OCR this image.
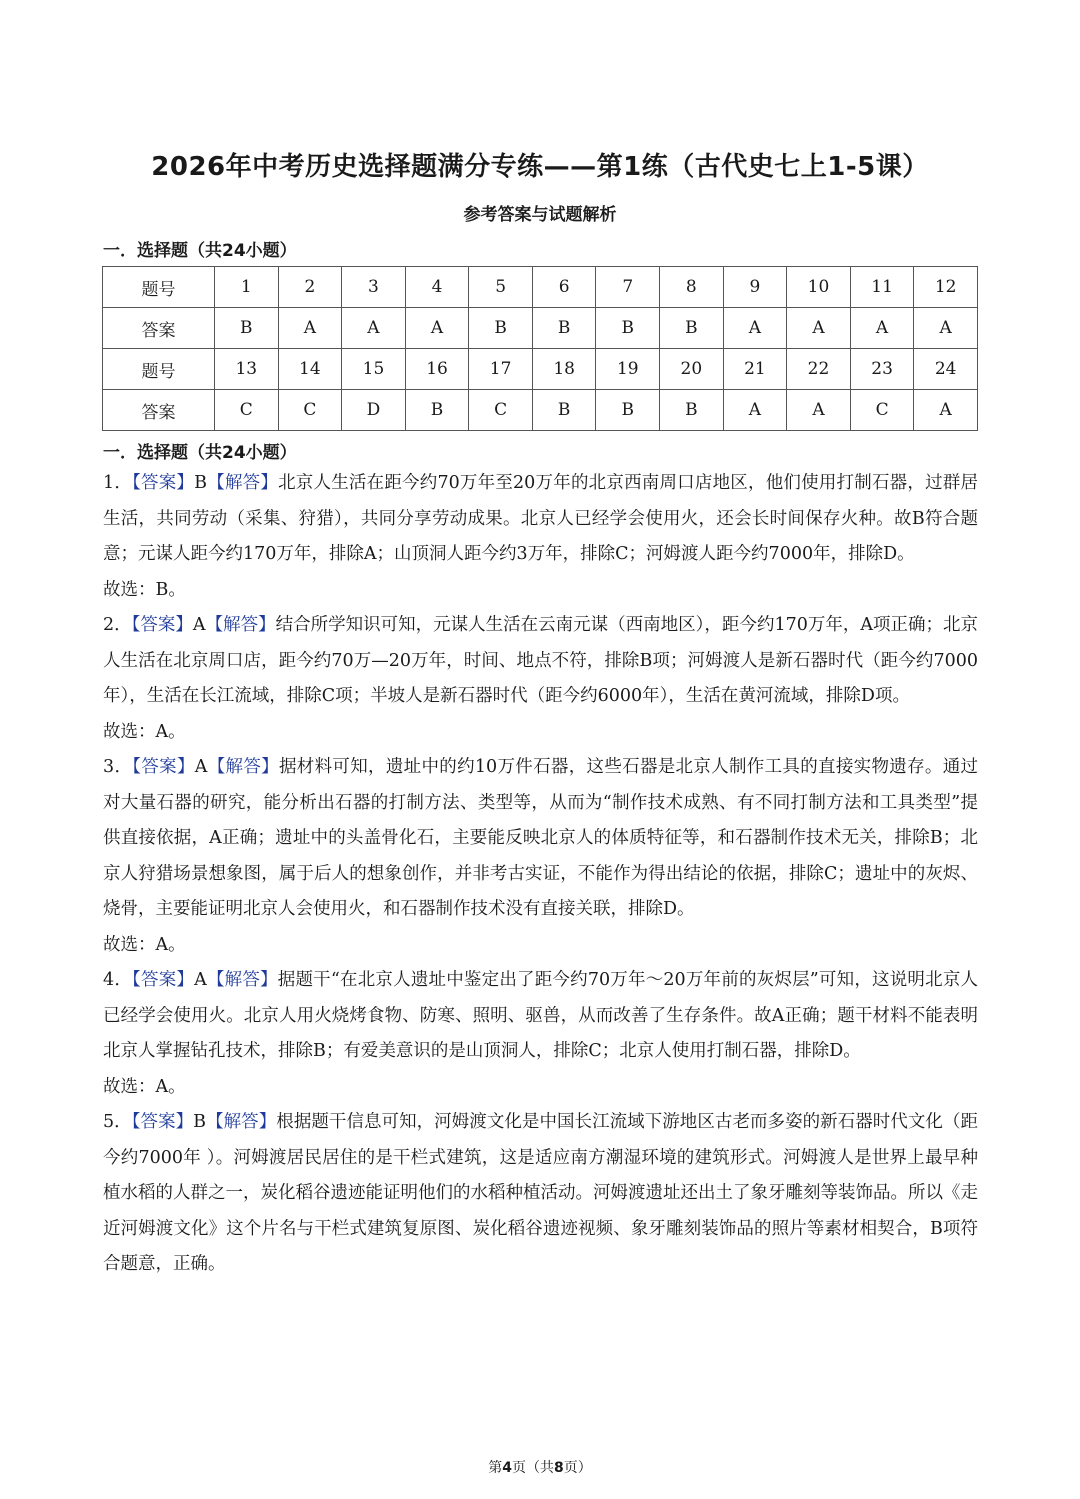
2026年中考历史选择题满分专练——第1练（古代史七上1-5课）
参考答案与试题解析
一．选择题（共24小题）
题号	1	2	3	4	5	6	7	8	9	10	11	12
答案	B	A	A	A	B	B	B	B	A	A	A	A
题号	13	14	15	16	17	18	19	20	21	22	23	24
答案	C	C	D	B	C	B	B	B	A	A	C	A
一．选择题（共24小题）

1．【答案】B【解答】北京人生活在距今约70万年至20万年的北京西南周口店地区，他们使用打制石器，过群居生活，共同劳动（采集、狩猎），共同分享劳动成果。北京人已经学会使用火，还会长时间保存火种。故B符合题意；元谋人距今约170万年，排除A；山顶洞人距今约3万年，排除C；河姆渡人距今约7000年，排除D。

故选：B。

2．【答案】A【解答】结合所学知识可知，元谋人生活在云南元谋（西南地区），距今约170万年，A项正确；北京人生活在北京周口店，距今约70万—20万年，时间、地点不符，排除B项；河姆渡人是新石器时代（距今约7000年），生活在长江流域，排除C项；半坡人是新石器时代（距今约6000年），生活在黄河流域，排除D项。

故选：A。

3．【答案】A【解答】据材料可知，遗址中的约10万件石器，这些石器是北京人制作工具的直接实物遗存。通过对大量石器的研究，能分析出石器的打制方法、类型等，从而为“制作技术成熟、有不同打制方法和工具类型”提供直接依据，A正确；遗址中的头盖骨化石，主要能反映北京人的体质特征等，和石器制作技术无关，排除B；北京人狩猎场景想象图，属于后人的想象创作，并非考古实证，不能作为得出结论的依据，排除C；遗址中的灰烬、烧骨，主要能证明北京人会使用火，和石器制作技术没有直接关联，排除D。

故选：A。

4．【答案】A【解答】据题干“在北京人遗址中鉴定出了距今约70万年～20万年前的灰烬层”可知，这说明北京人已经学会使用火。北京人用火烧烤食物、防寒、照明、驱兽，从而改善了生存条件。故A正确；题干材料不能表明北京人掌握钻孔技术，排除B；有爱美意识的是山顶洞人，排除C；北京人使用打制石器，排除D。

故选：A。

5．【答案】B【解答】根据题干信息可知，河姆渡文化是中国长江流域下游地区古老而多姿的新石器时代文化（距今约7000年 ）。河姆渡居民居住的是干栏式建筑，这是适应南方潮湿环境的建筑形式。河姆渡人是世界上最早种植水稻的人群之一，炭化稻谷遗迹能证明他们的水稻种植活动。河姆渡遗址还出土了象牙雕刻等装饰品。所以《走近河姆渡文化》这个片名与干栏式建筑复原图、炭化稻谷遗迹视频、象牙雕刻装饰品的照片等素材相契合，B项符合题意，正确。

第4页（共8页）
